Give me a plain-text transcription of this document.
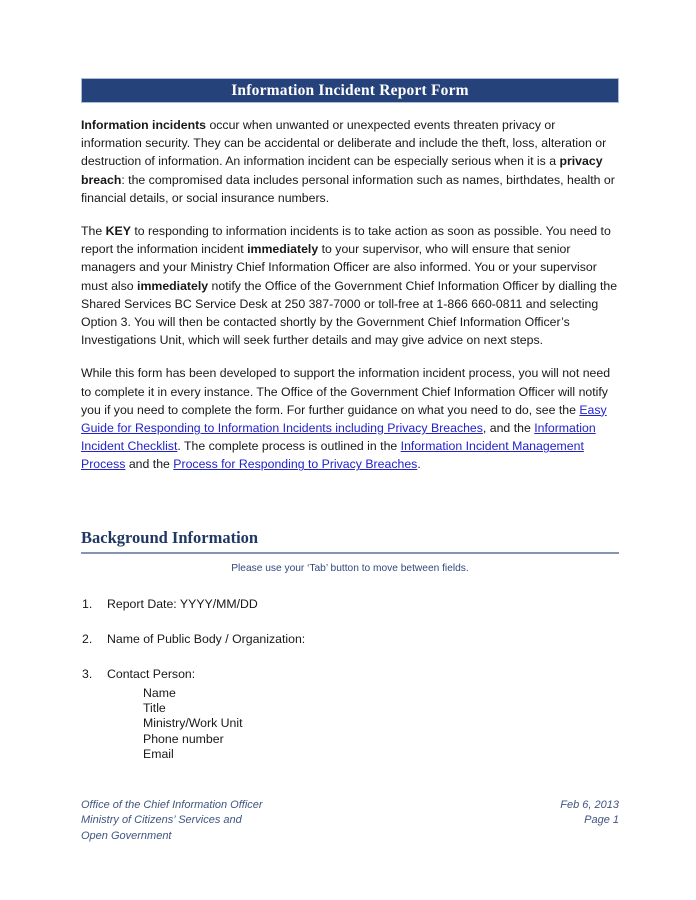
Information Incident Report Form

Information incidents occur when unwanted or unexpected events threaten privacy or information security. They can be accidental or deliberate and include the theft, loss, alteration or destruction of information. An information incident can be especially serious when it is a privacy breach: the compromised data includes personal information such as names, birthdates, health or financial details, or social insurance numbers.

The KEY to responding to information incidents is to take action as soon as possible. You need to report the information incident immediately to your supervisor, who will ensure that senior managers and your Ministry Chief Information Officer are also informed. You or your supervisor must also immediately notify the Office of the Government Chief Information Officer by dialling the Shared Services BC Service Desk at 250 387-7000 or toll-free at 1-866 660-0811 and selecting Option 3. You will then be contacted shortly by the Government Chief Information Officer’s Investigations Unit, which will seek further details and may give advice on next steps.

While this form has been developed to support the information incident process, you will not need to complete it in every instance. The Office of the Government Chief Information Officer will notify you if you need to complete the form. For further guidance on what you need to do, see the Easy Guide for Responding to Information Incidents including Privacy Breaches, and the Information Incident Checklist. The complete process is outlined in the Information Incident Management Process and the Process for Responding to Privacy Breaches.

Background Information
Please use your ‘Tab’ button to move between fields.
1. Report Date: YYYY/MM/DD
2. Name of Public Body / Organization:
3. Contact Person:
Name
Title
Ministry/Work Unit
Phone number
Email
Office of the Chief Information Officer
Ministry of Citizens’ Services and
Open Government
Feb 6, 2013
Page 1
